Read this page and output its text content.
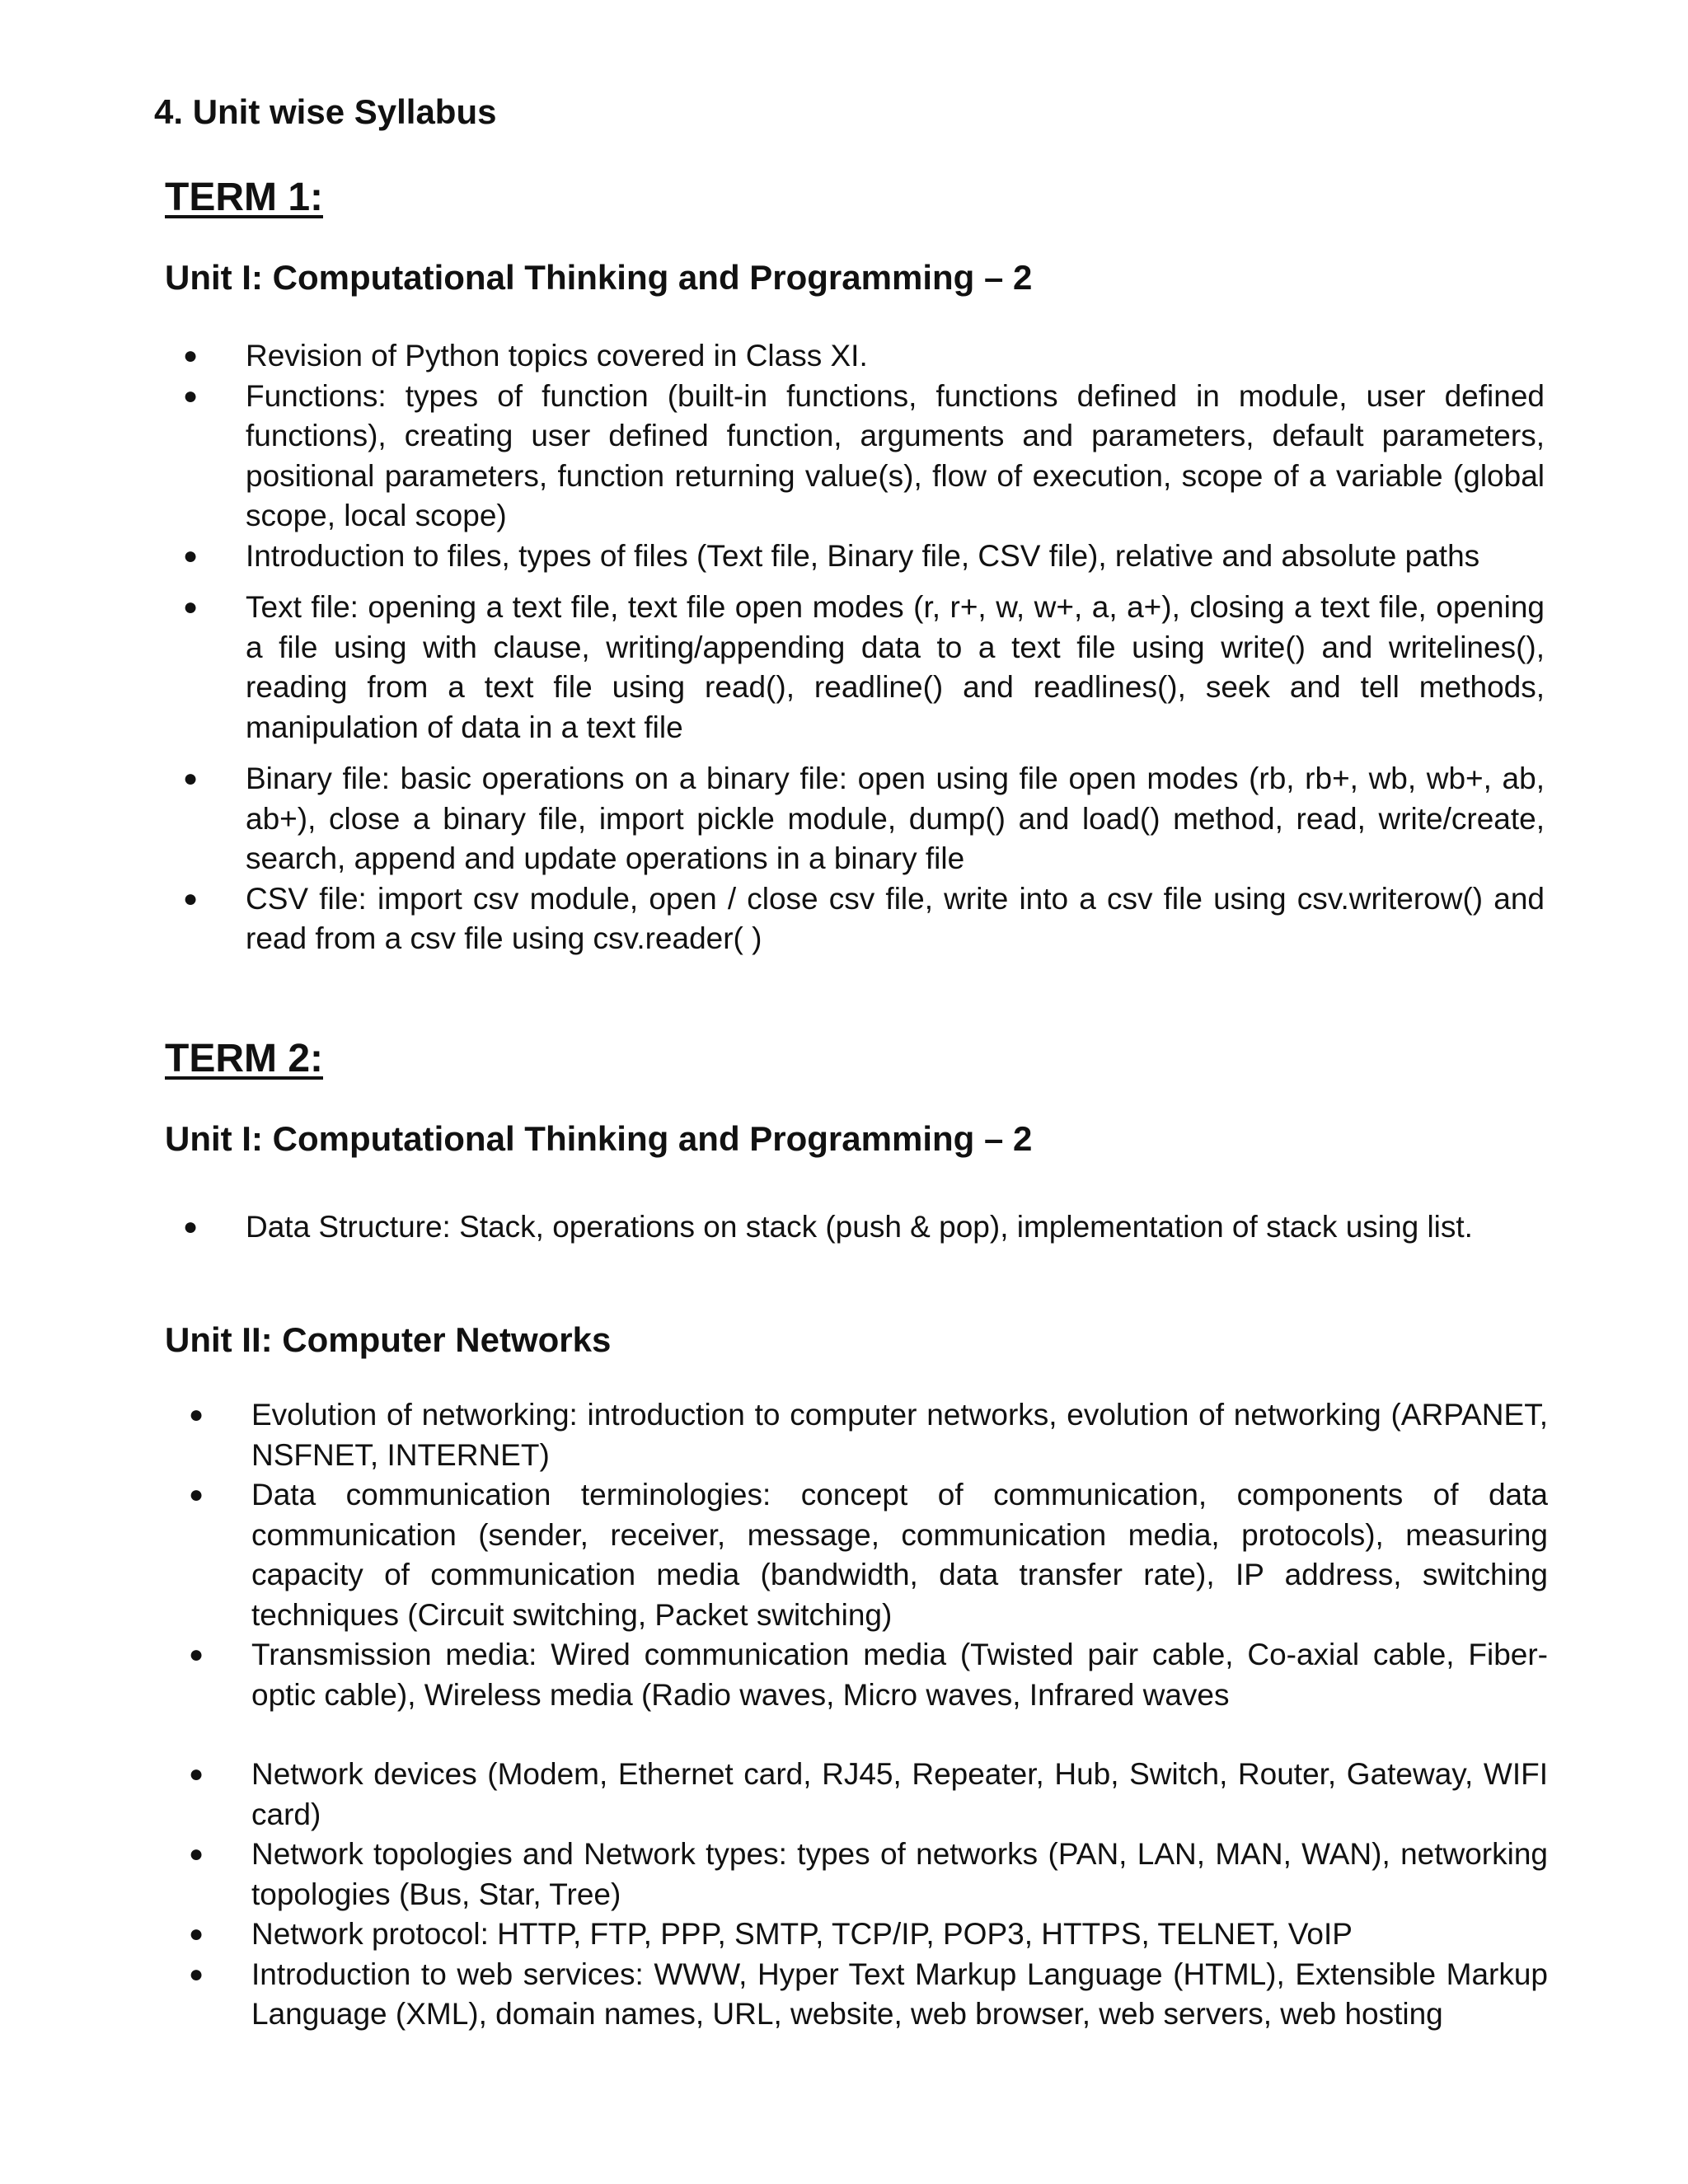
4. Unit wise Syllabus
TERM 1:
Unit I: Computational Thinking and Programming – 2
● Revision of Python topics covered in Class XI.
● Functions: types of function (built-in functions, functions defined in module, user defined functions), creating user defined function, arguments and parameters, default parameters, positional parameters, function returning value(s), flow of execution, scope of a variable (global scope, local scope)
● Introduction to files, types of files (Text file, Binary file, CSV file), relative and absolute paths
● Text file: opening a text file, text file open modes (r, r+, w, w+, a, a+), closing a text file, opening a file using with clause, writing/appending data to a text file using write() and writelines(), reading from a text file using read(), readline() and readlines(), seek and tell methods, manipulation of data in a text file
● Binary file: basic operations on a binary file: open using file open modes (rb, rb+, wb, wb+, ab, ab+), close a binary file, import pickle module, dump() and load() method, read, write/create, search, append and update operations in a binary file
● CSV file: import csv module, open / close csv file, write into a csv file using csv.writerow() and read from a csv file using csv.reader( )
TERM 2:
Unit I: Computational Thinking and Programming – 2
● Data Structure: Stack, operations on stack (push & pop), implementation of stack using list.
Unit II: Computer Networks
● Evolution of networking: introduction to computer networks, evolution of networking (ARPANET, NSFNET, INTERNET)
● Data communication terminologies: concept of communication, components of data communication (sender, receiver, message, communication media, protocols), measuring capacity of communication media (bandwidth, data transfer rate), IP address, switching techniques (Circuit switching, Packet switching)
● Transmission media: Wired communication media (Twisted pair cable, Co-axial cable, Fiber-optic cable), Wireless media (Radio waves, Micro waves, Infrared waves
● Network devices (Modem, Ethernet card, RJ45, Repeater, Hub, Switch, Router, Gateway, WIFI card)
● Network topologies and Network types: types of networks (PAN, LAN, MAN, WAN), networking topologies (Bus, Star, Tree)
● Network protocol: HTTP, FTP, PPP, SMTP, TCP/IP, POP3, HTTPS, TELNET, VoIP
● Introduction to web services: WWW, Hyper Text Markup Language (HTML), Extensible Markup Language (XML), domain names, URL, website, web browser, web servers, web hosting
